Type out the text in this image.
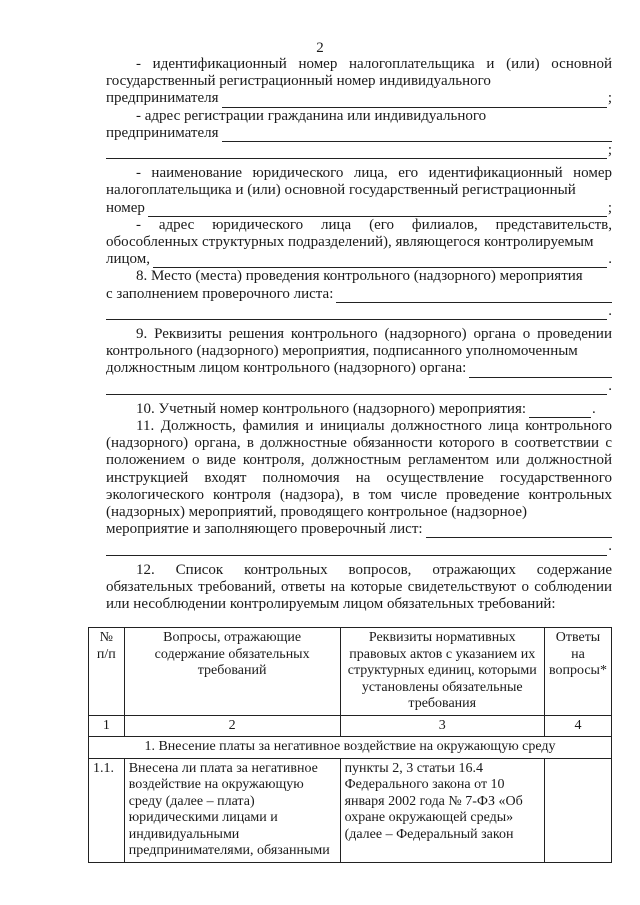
2
- идентификационный номер налогоплательщика и (или) основной государственный регистрационный номер индивидуального
предпринимателя	;
- адрес регистрации гражданина или индивидуального
предпринимателя
;
- наименование юридического лица, его идентификационный номер налогоплательщика и (или) основной государственный регистрационный
номер	;
- адрес юридического лица (его филиалов, представительств, обособленных структурных подразделений), являющегося контролируемым
лицом,	.
8. Место (места) проведения контрольного (надзорного) мероприятия
с заполнением проверочного листа:
.
9. Реквизиты решения контрольного (надзорного) органа о проведении контрольного (надзорного) мероприятия, подписанного уполномоченным
должностным лицом контрольного (надзорного) органа:
.
10. Учетный номер контрольного (надзорного) мероприятия:	.
11. Должность, фамилия и инициалы должностного лица контрольного (надзорного) органа, в должностные обязанности которого в соответствии с положением о виде контроля, должностным регламентом или должностной инструкцией входят полномочия на осуществление государственного экологического контроля (надзора), в том числе проведение контрольных (надзорных) мероприятий, проводящего контрольное (надзорное)
мероприятие и заполняющего проверочный лист:
.
12. Список контрольных вопросов, отражающих содержание обязательных требований, ответы на которые свидетельствуют о соблюдении или несоблюдении контролируемым лицом обязательных требований:
№ п/п	Вопросы, отражающие содержание обязательных требований	Реквизиты нормативных правовых актов с указанием их структурных единиц, которыми установлены обязательные требования	Ответы на вопросы*
1	2	3	4
1. Внесение платы за негативное воздействие на окружающую среду			
1.1.	Внесена ли плата за негативное воздействие на окружающую среду (далее – плата) юридическими лицами и индивидуальными предпринимателями, обязанными	пункты 2, 3 статьи 16.4 Федерального закона от 10 января 2002 года № 7-ФЗ «Об охране окружающей среды» (далее – Федеральный закон	
